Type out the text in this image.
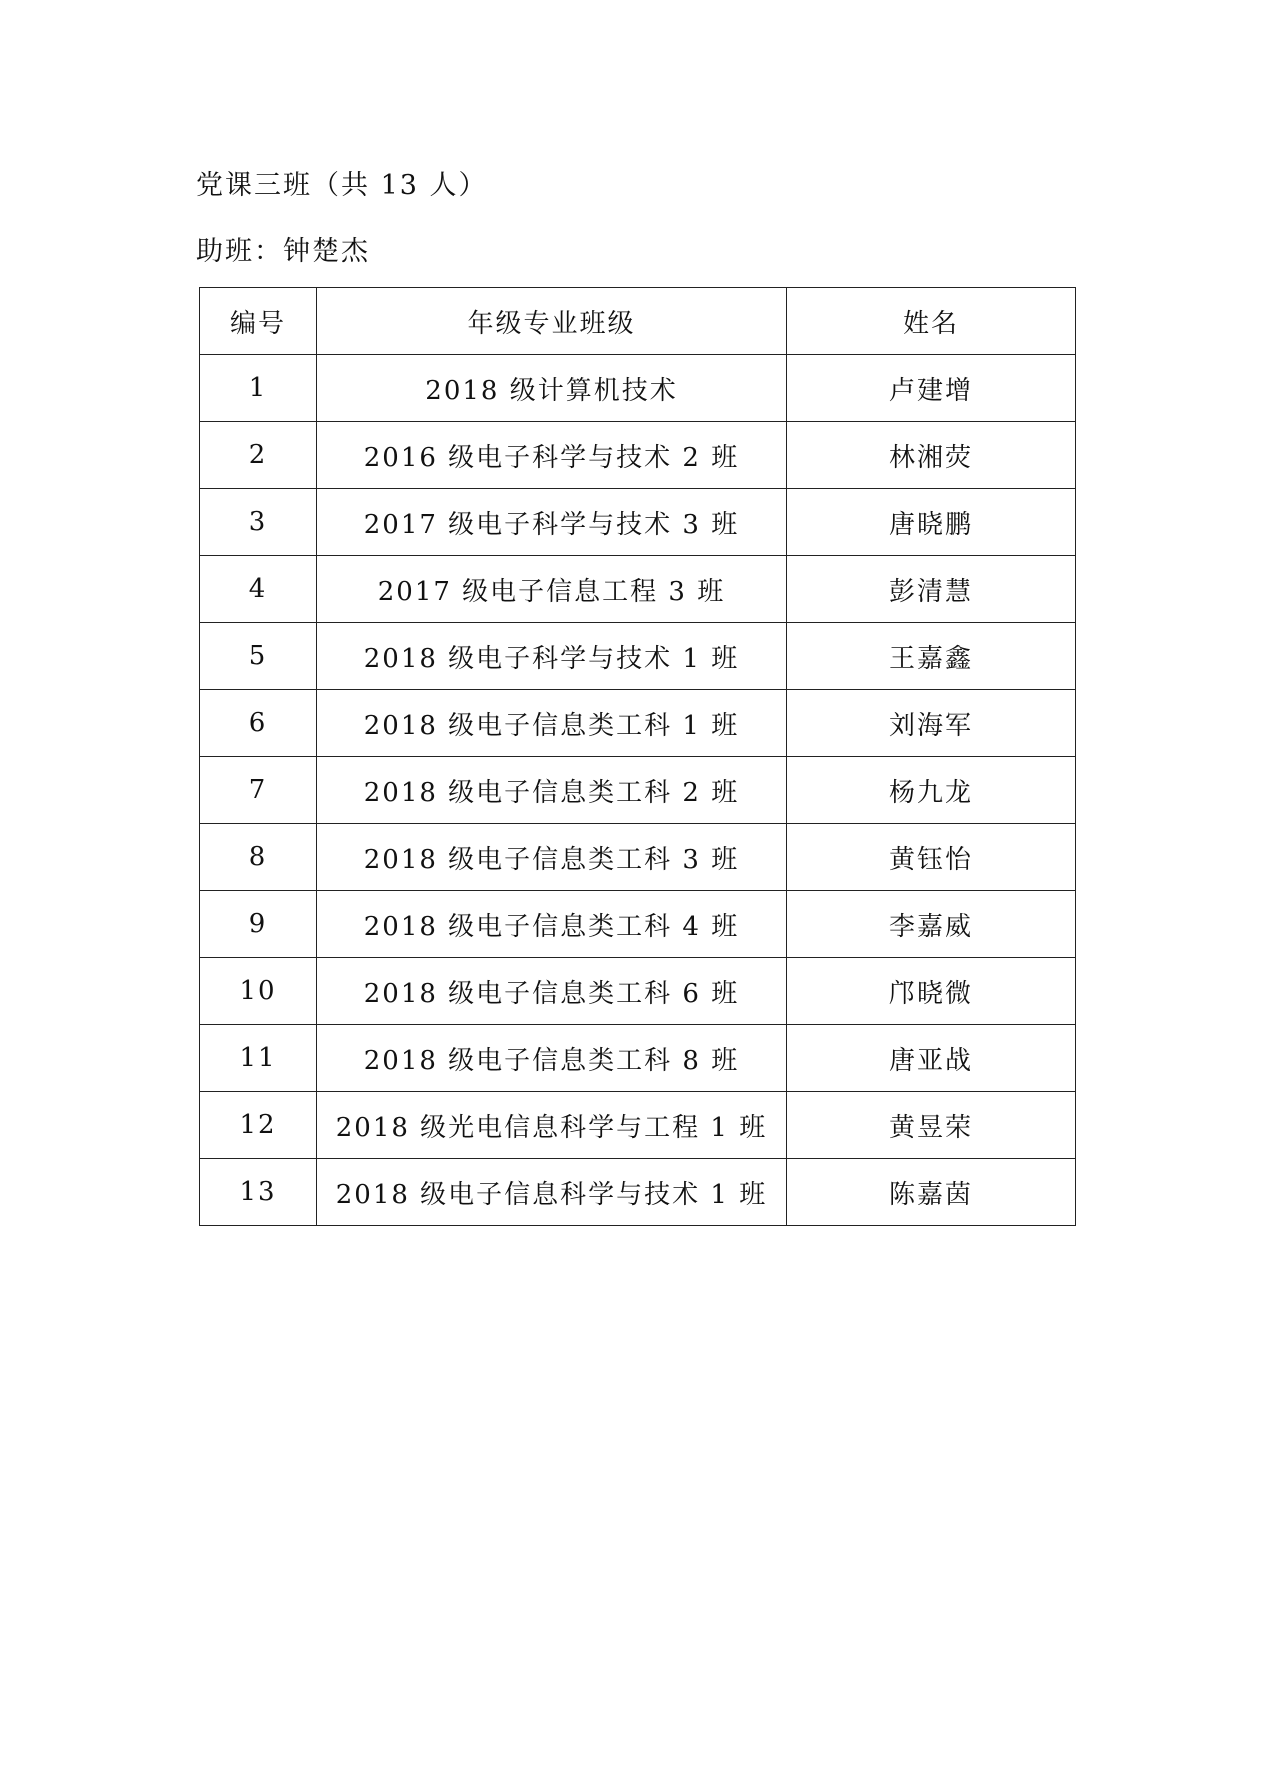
党课三班（共 13 人）
助班：钟楚杰
编号	年级专业班级	姓名
1	2018 级计算机技术	卢建增
2	2016 级电子科学与技术 2 班	林湘荧
3	2017 级电子科学与技术 3 班	唐晓鹏
4	2017 级电子信息工程 3 班	彭清慧
5	2018 级电子科学与技术 1 班	王嘉鑫
6	2018 级电子信息类工科 1 班	刘海军
7	2018 级电子信息类工科 2 班	杨九龙
8	2018 级电子信息类工科 3 班	黄钰怡
9	2018 级电子信息类工科 4 班	李嘉威
10	2018 级电子信息类工科 6 班	邝晓微
11	2018 级电子信息类工科 8 班	唐亚战
12	2018 级光电信息科学与工程 1 班	黄昱荣
13	2018 级电子信息科学与技术 1 班	陈嘉茵
